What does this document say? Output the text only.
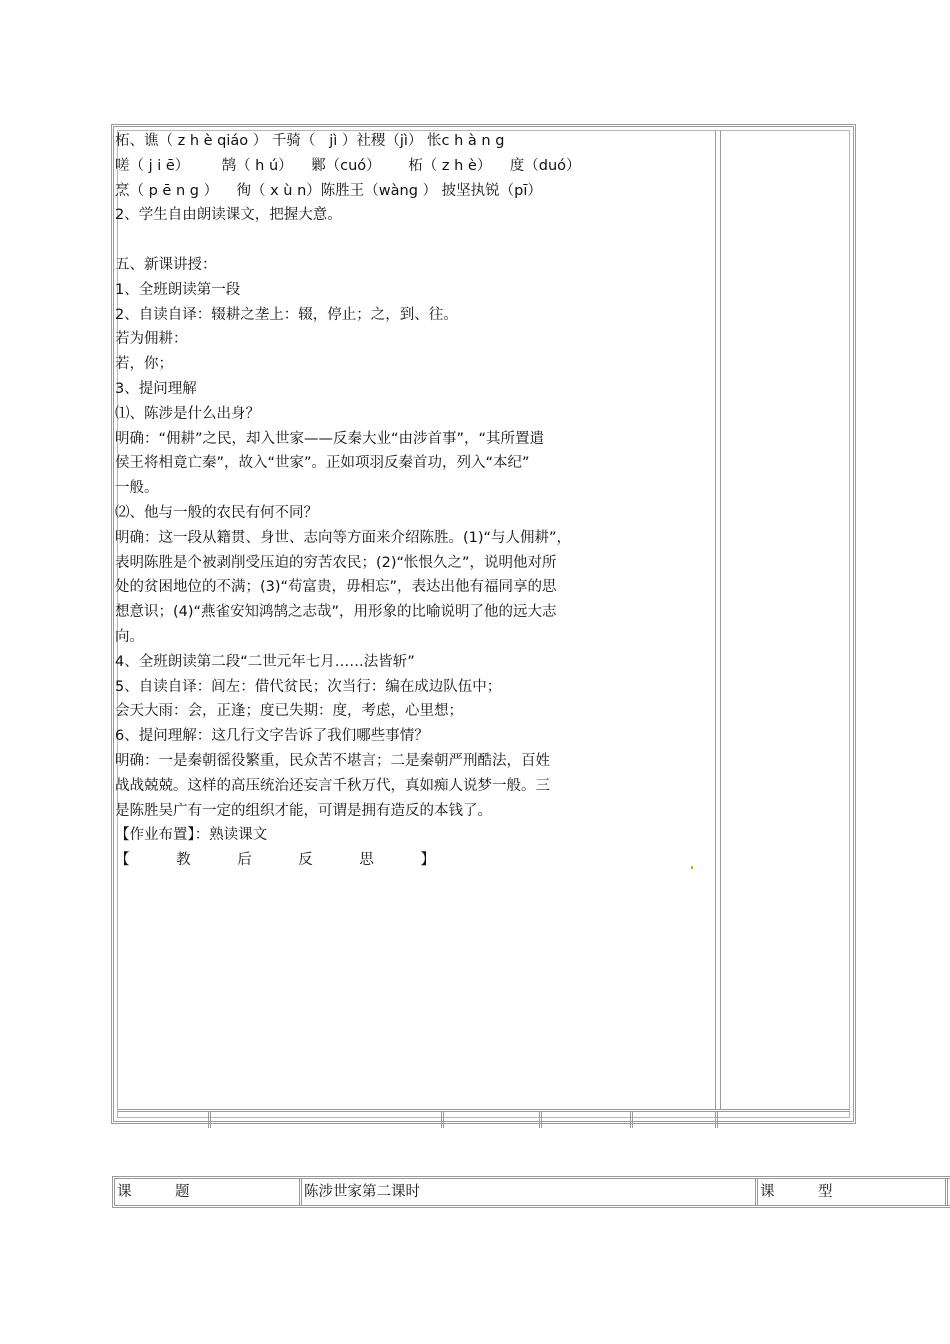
柘、谯（ z h è qiáo ） 千骑（   jì ）社稷（jì） 怅c h à n g
嗟（ j i ē）       鹄（ h ú）    鄛（cuó）      柘（ z h è）    度（duó）
烹（ p ē n g ）    徇（ x ù n）陈胜王（wàng ） 披坚执锐（pī）
2、学生自由朗读课文，把握大意。
五、新课讲授：
1、全班朗读第一段
2、自读自译：辍耕之垄上：辍，停止；之，到、往。
若为佣耕：
若，你；
3、提问理解
⑴、陈涉是什么出身？
明确：“佣耕”之民，却入世家——反秦大业“由涉首事”，“其所置遣
侯王将相竟亡秦”，故入“世家”。正如项羽反秦首功，列入“本纪”
一般。
⑵、他与一般的农民有何不同？
明确：这一段从籍贯、身世、志向等方面来介绍陈胜。(1)“与人佣耕”，
表明陈胜是个被剥削受压迫的穷苦农民；(2)“怅恨久之”，说明他对所
处的贫困地位的不满；(3)“苟富贵，毋相忘”，表达出他有福同享的思
想意识；(4)“燕雀安知鸿鹄之志哉”，用形象的比喻说明了他的远大志
向。
4、全班朗读第二段“二世元年七月……法皆斩”
5、自读自译：闾左：借代贫民；次当行：编在成边队伍中；
会天大雨：会，正逢；度已失期：度，考虑，心里想；
6、提问理解：这几行文字告诉了我们哪些事情？
明确：一是秦朝徭役繁重，民众苦不堪言；二是秦朝严刑酷法，百姓
战战兢兢。这样的高压统治还妄言千秋万代，真如痴人说梦一般。三
是陈胜吴广有一定的组织才能，可谓是拥有造反的本钱了。
【作业布置】：熟读课文
【	教	后	反	思	】
课　　　题	陈涉世家第二课时	课　　　型
